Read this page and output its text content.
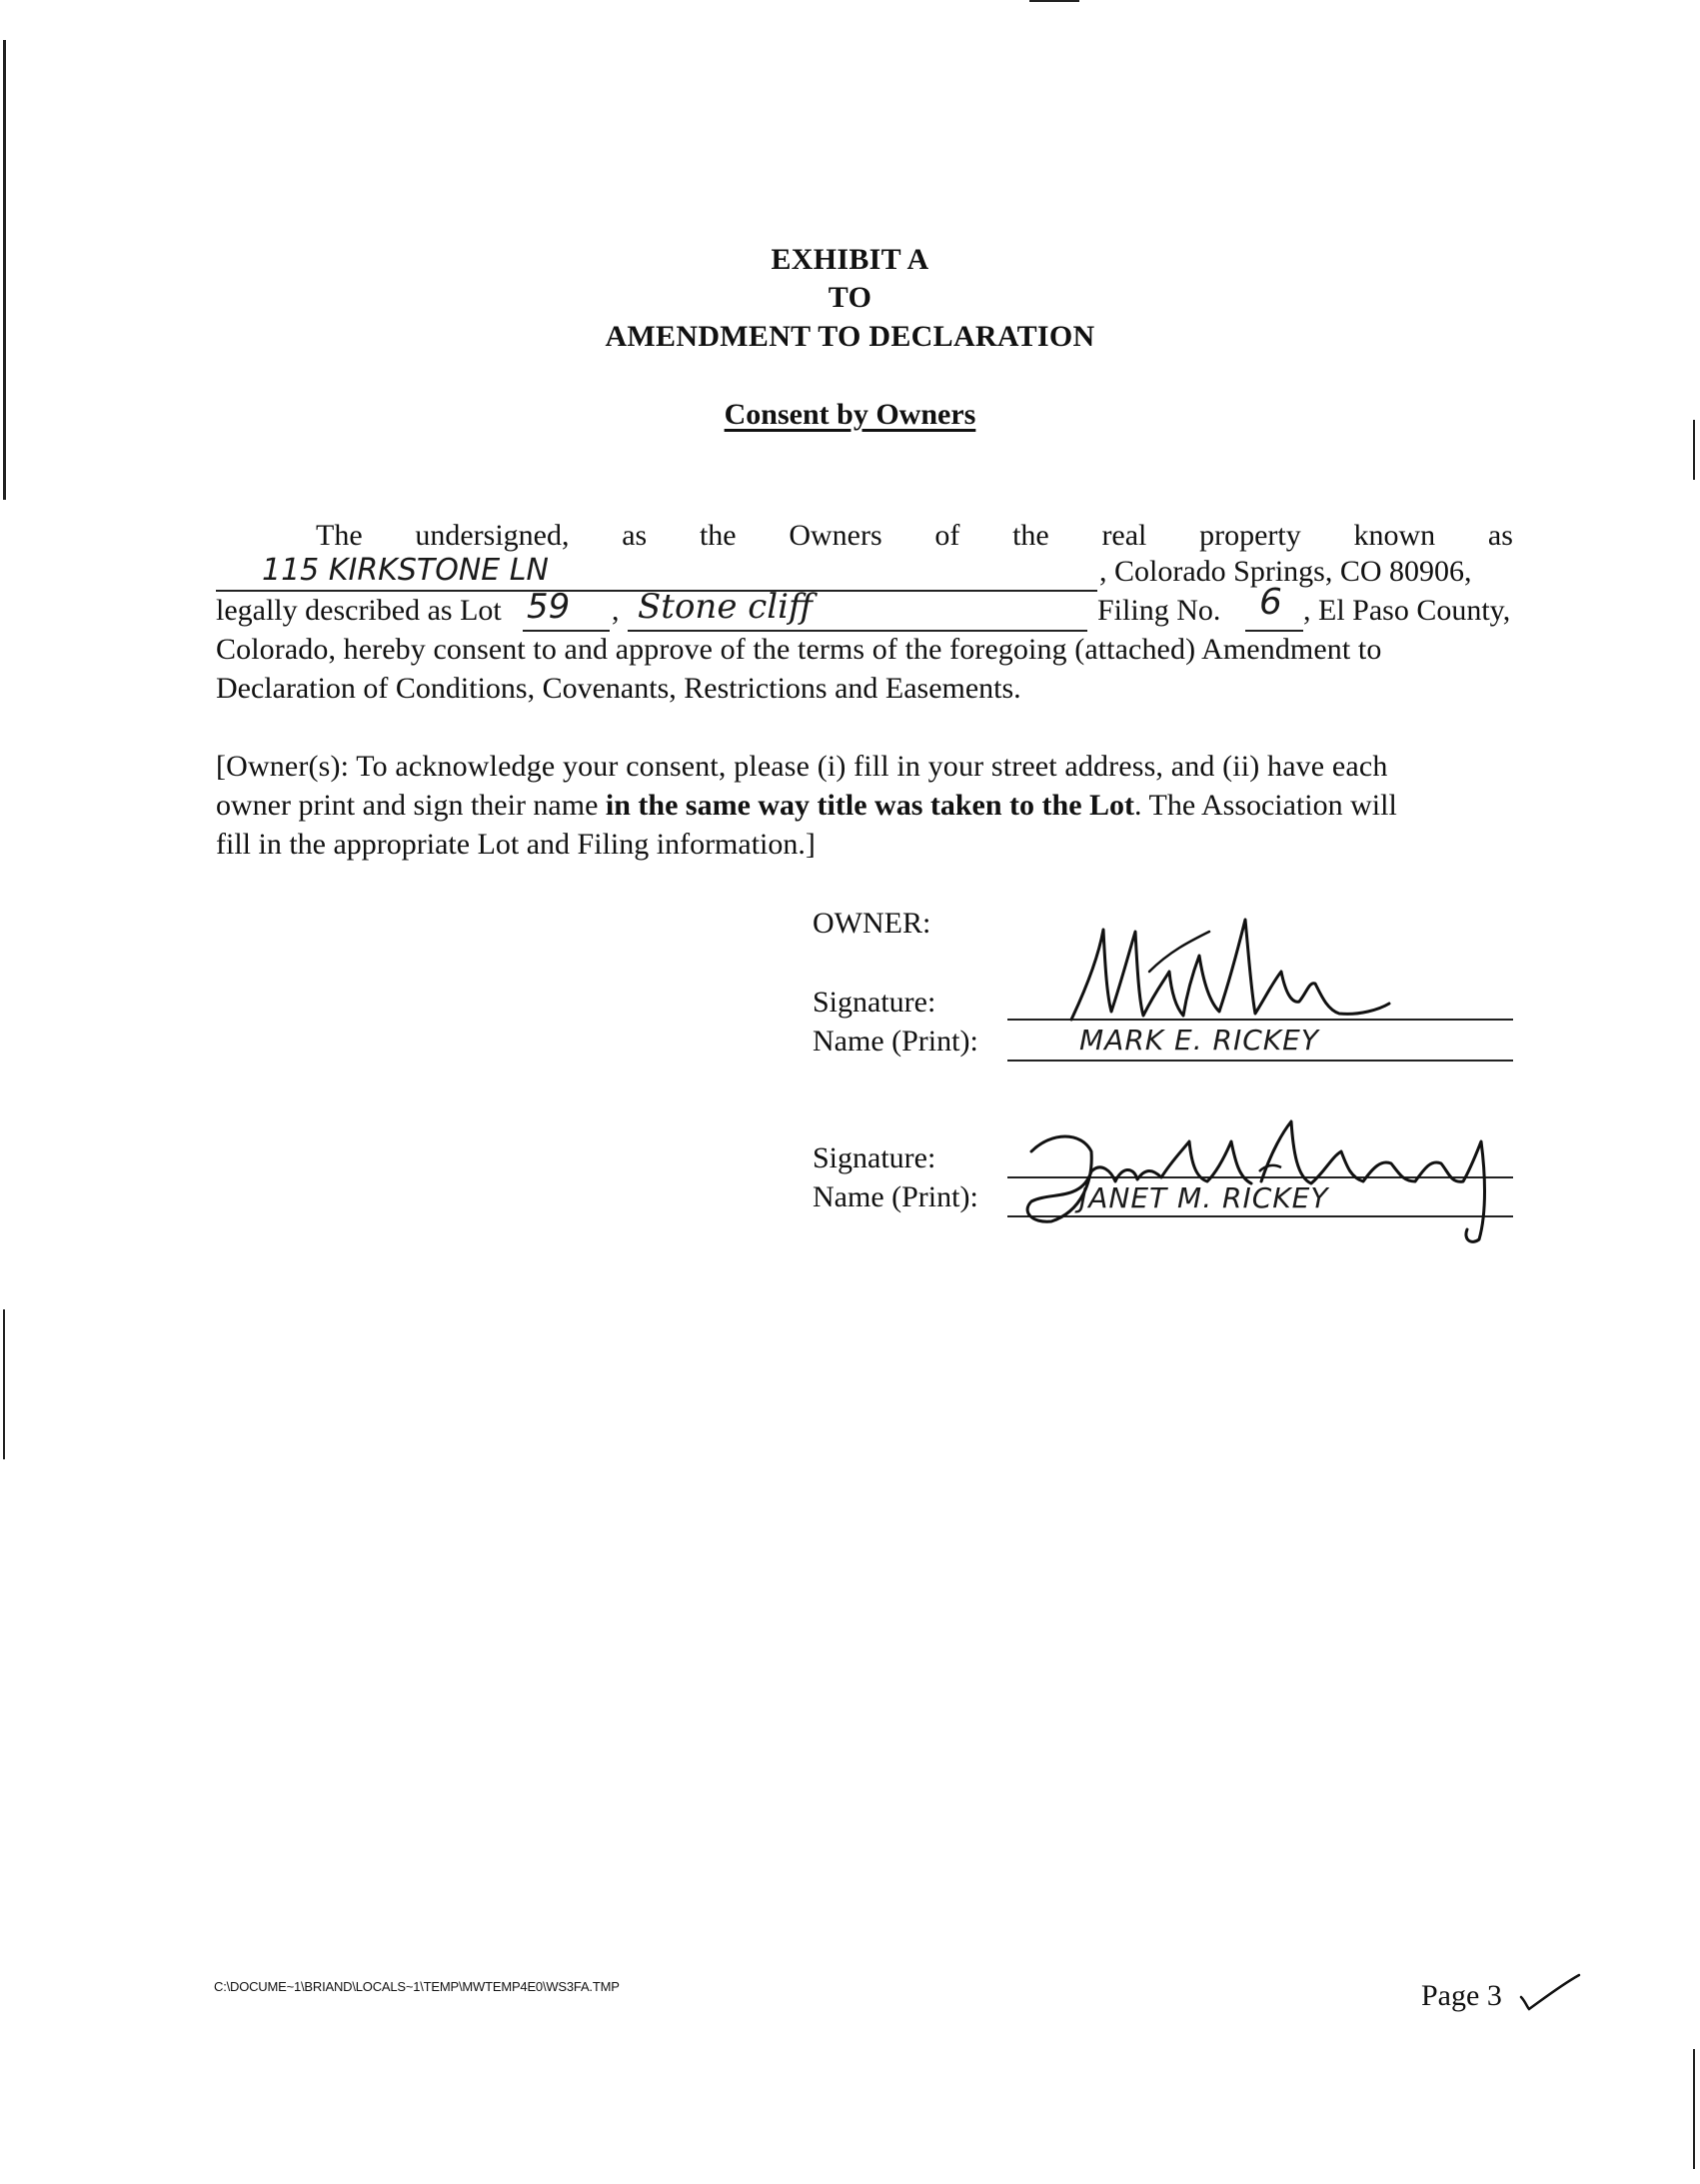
EXHIBIT A
TO
AMENDMENT TO DECLARATION
Consent by Owners
The undersigned, as the Owners of the real property known as
115 KIRKSTONE LN	, Colorado Springs, CO 80906,
legally described as Lot 59 , Stone cliff	Filing No. 6 , El Paso County,
Colorado, hereby consent to and approve of the terms of the foregoing (attached) Amendment to
Declaration of Conditions, Covenants, Restrictions and Easements.
[Owner(s): To acknowledge your consent, please (i) fill in your street address, and (ii) have each
owner print and sign their name in the same way title was taken to the Lot. The Association will
fill in the appropriate Lot and Filing information.]
OWNER:
Signature:
Name (Print):	MARK E. RICKEY
Signature:
Name (Print):	JANET M. RICKEY
C:\DOCUME~1\BRIAND\LOCALS~1\TEMP\MWTEMP4E0\WS3FA.TMP	Page 3
